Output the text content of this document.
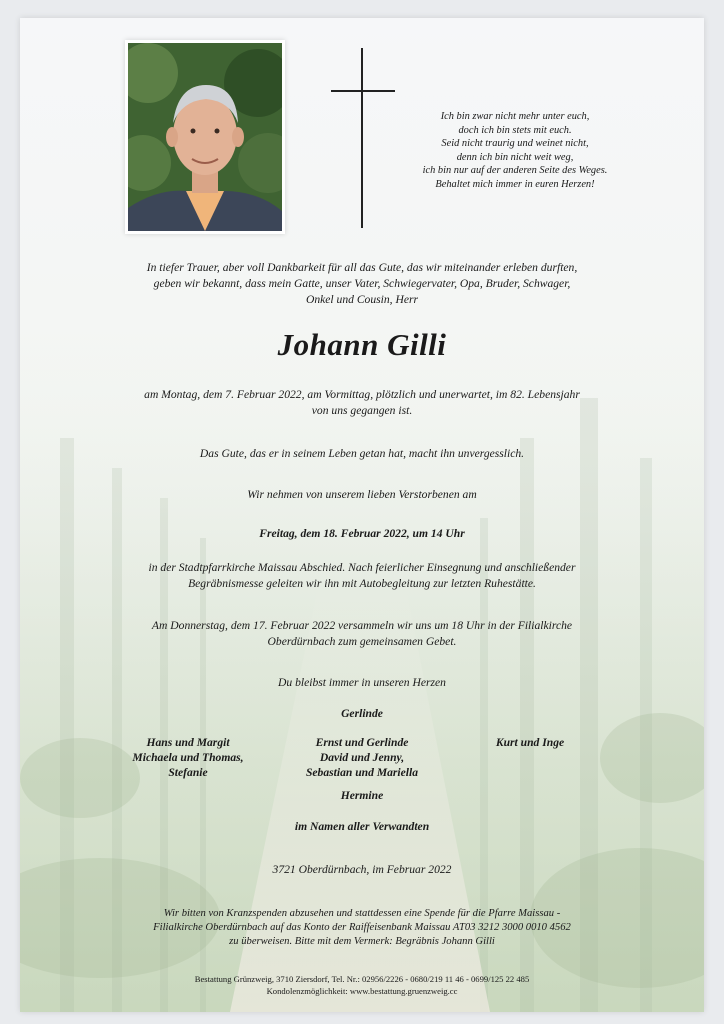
Ich bin zwar nicht mehr unter euch,
doch ich bin stets mit euch.
Seid nicht traurig und weinet nicht,
denn ich bin nicht weit weg,
ich bin nur auf der anderen Seite des Weges.
Behaltet mich immer in euren Herzen!
In tiefer Trauer, aber voll Dankbarkeit für all das Gute, das wir miteinander erleben durften,
geben wir bekannt, dass mein Gatte, unser Vater, Schwiegervater, Opa, Bruder, Schwager,
Onkel und Cousin, Herr
Johann Gilli
am Montag, dem 7. Februar 2022, am Vormittag, plötzlich und unerwartet, im 82. Lebensjahr
von uns gegangen ist.
Das Gute, das er in seinem Leben getan hat, macht ihn unvergesslich.
Wir nehmen von unserem lieben Verstorbenen am
Freitag, dem 18. Februar 2022, um 14 Uhr
in der Stadtpfarrkirche Maissau Abschied. Nach feierlicher Einsegnung und anschließender
Begräbnismesse geleiten wir ihn mit Autobegleitung zur letzten Ruhestätte.
Am Donnerstag, dem 17. Februar 2022 versammeln wir uns um 18 Uhr in der Filialkirche
Oberdürnbach zum gemeinsamen Gebet.
Du bleibst immer in unseren Herzen
Gerlinde
Hans und Margit
Michaela und Thomas,
Stefanie
Ernst und Gerlinde
David und Jenny,
Sebastian und Mariella
Kurt und Inge
Hermine
im Namen aller Verwandten
3721 Oberdürnbach, im Februar 2022
Wir bitten von Kranzspenden abzusehen und stattdessen eine Spende für die Pfarre Maissau -
Filialkirche Oberdürnbach auf das Konto der Raiffeisenbank Maissau AT03 3212 3000 0010 4562
zu überweisen. Bitte mit dem Vermerk: Begräbnis Johann Gilli
Bestattung Grünzweig, 3710 Ziersdorf, Tel. Nr.: 02956/2226 - 0680/219 11 46 - 0699/125 22 485
Kondolenzmöglichkeit: www.bestattung.gruenzweig.cc
